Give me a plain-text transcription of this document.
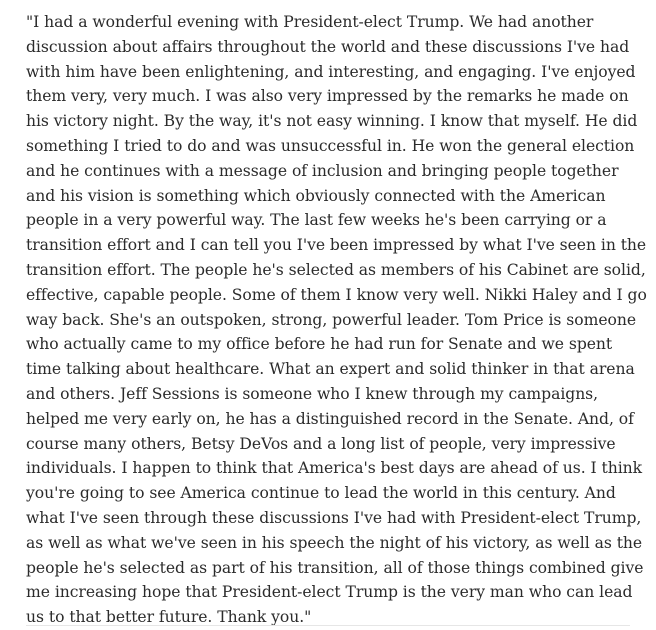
"I had a wonderful evening with President-elect Trump. We had another discussion about affairs throughout the world and these discussions I've had with him have been enlightening, and interesting, and engaging. I've enjoyed them very, very much. I was also very impressed by the remarks he made on his victory night. By the way, it's not easy winning. I know that myself. He did something I tried to do and was unsuccessful in. He won the general election and he continues with a message of inclusion and bringing people together and his vision is something which obviously connected with the American people in a very powerful way. The last few weeks he's been carrying or a transition effort and I can tell you I've been impressed by what I've seen in the transition effort. The people he's selected as members of his Cabinet are solid, effective, capable people. Some of them I know very well. Nikki Haley and I go way back. She's an outspoken, strong, powerful leader. Tom Price is someone who actually came to my office before he had run for Senate and we spent time talking about healthcare. What an expert and solid thinker in that arena and others. Jeff Sessions is someone who I knew through my campaigns, helped me very early on, he has a distinguished record in the Senate. And, of course many others, Betsy DeVos and a long list of people, very impressive individuals. I happen to think that America's best days are ahead of us. I think you're going to see America continue to lead the world in this century. And what I've seen through these discussions I've had with President-elect Trump, as well as what we've seen in his speech the night of his victory, as well as the people he's selected as part of his transition, all of those things combined give me increasing hope that President-elect Trump is the very man who can lead us to that better future. Thank you."
